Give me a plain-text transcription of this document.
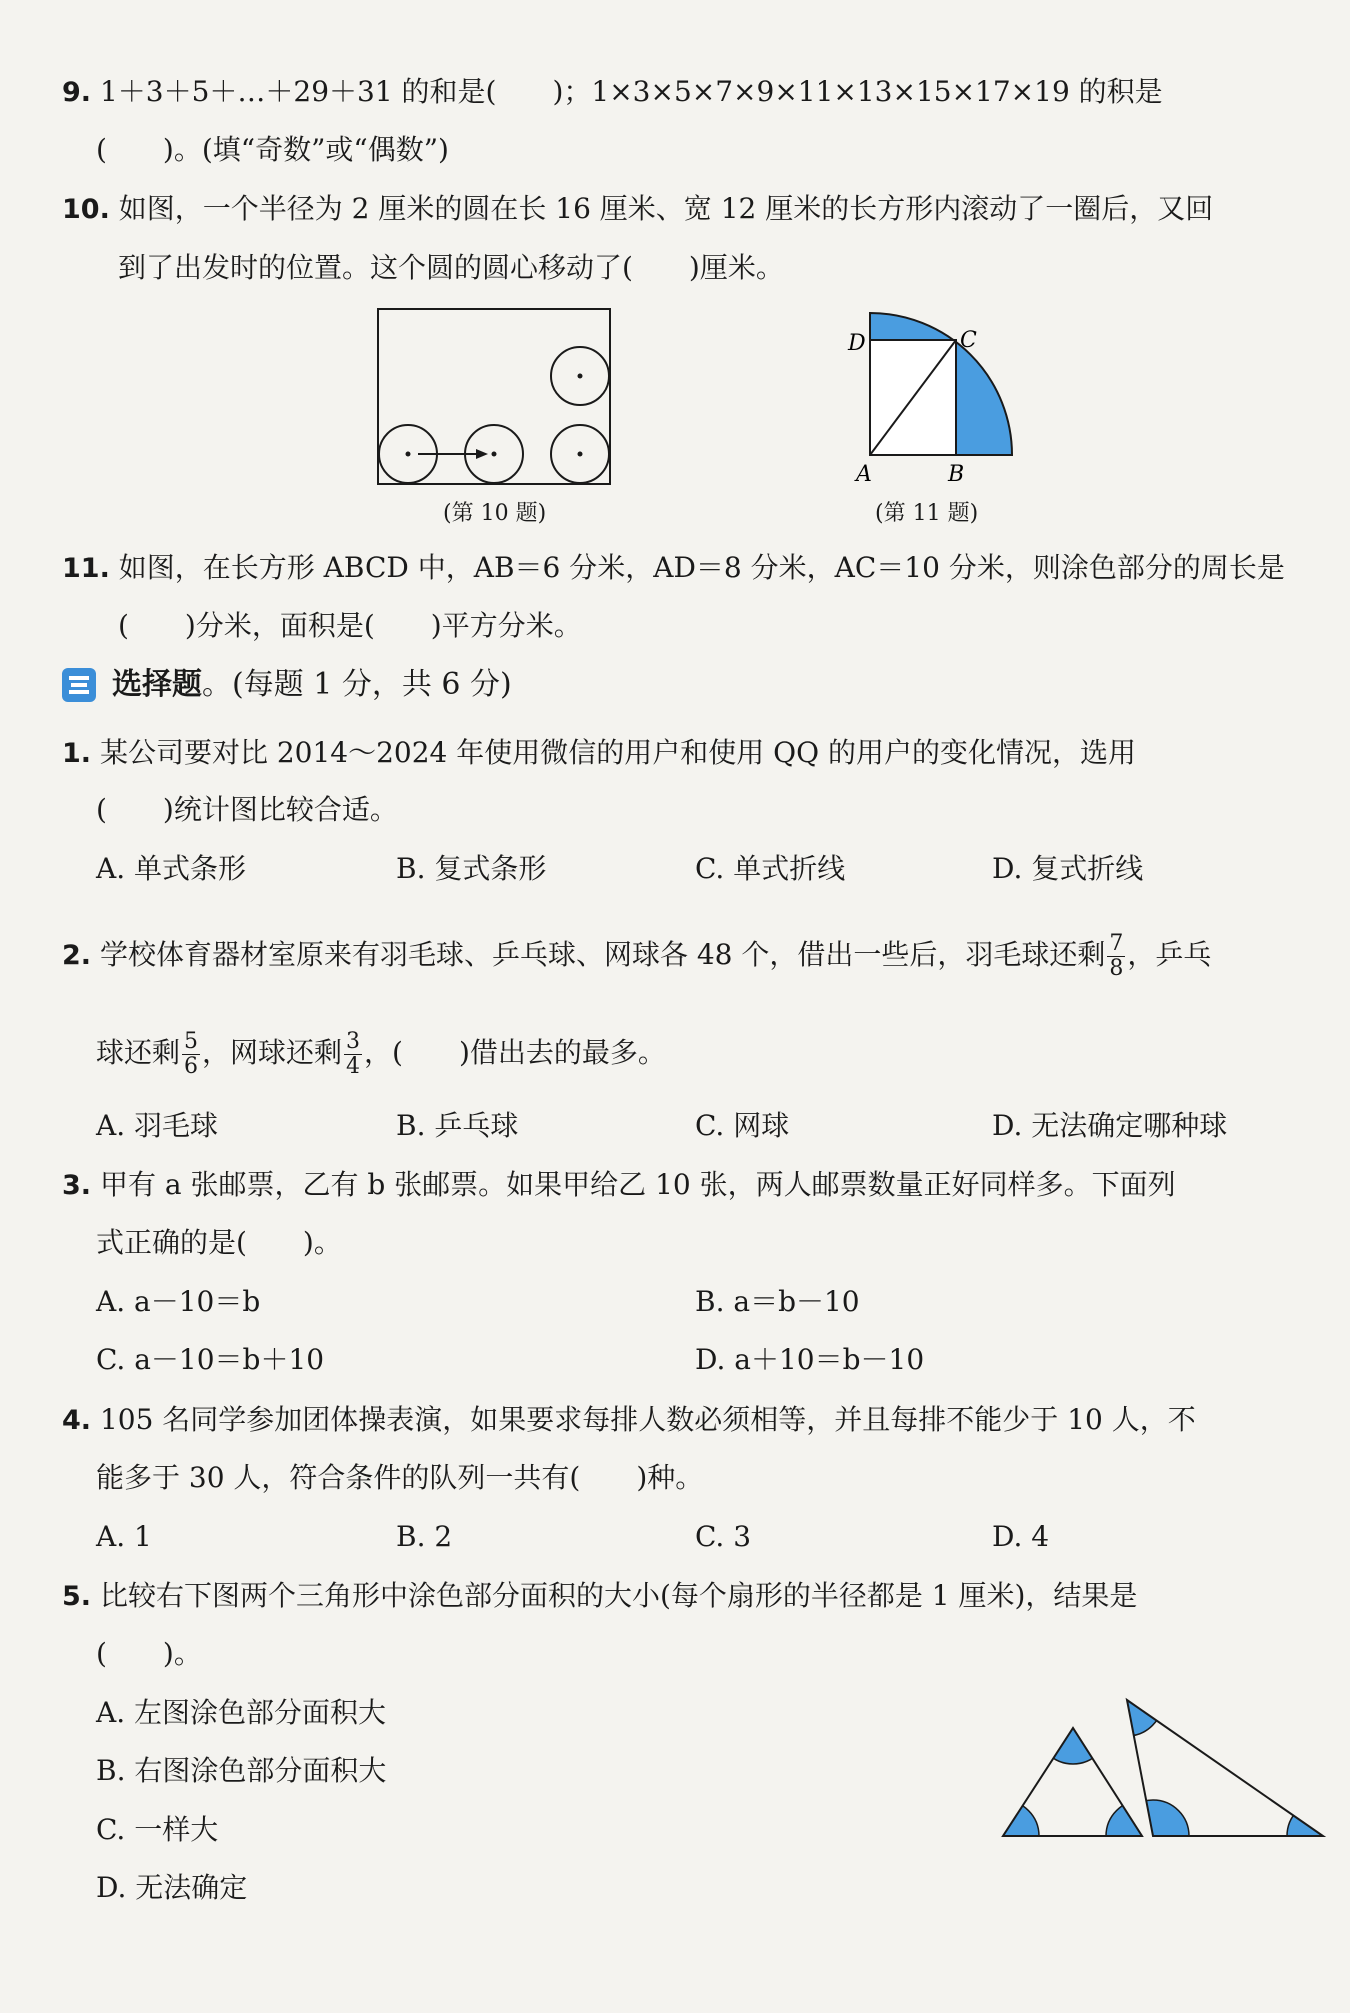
9. 1＋3＋5＋…＋29＋31 的和是(　　)；1×3×5×7×9×11×13×15×17×19 的积是
(　　)。(填“奇数”或“偶数”)
10. 如图，一个半径为 2 厘米的圆在长 16 厘米、宽 12 厘米的长方形内滚动了一圈后，又回
到了出发时的位置。这个圆的圆心移动了(　　)厘米。
(第 10 题)
D	C
A	B
(第 11 题)
11. 如图，在长方形 ABCD 中，AB＝6 分米，AD＝8 分米，AC＝10 分米，则涂色部分的周长是
(　　)分米，面积是(　　)平方分米。
选择题。(每题 1 分，共 6 分)
1. 某公司要对比 2014～2024 年使用微信的用户和使用 QQ 的用户的变化情况，选用
(　　)统计图比较合适。
A. 单式条形	B. 复式条形	C. 单式折线	D. 复式折线
2. 学校体育器材室原来有羽毛球、乒乓球、网球各 48 个，借出一些后，羽毛球还剩 $\frac{7}{8}$ ，乒乓
球还剩 $\frac{5}{6}$ ，网球还剩 $\frac{3}{4}$ ，(　　)借出去的最多。
A. 羽毛球	B. 乒乓球	C. 网球	D. 无法确定哪种球
3. 甲有 a 张邮票，乙有 b 张邮票。如果甲给乙 10 张，两人邮票数量正好同样多。下面列
式正确的是(　　)。
A. a－10＝b	B. a＝b－10
C. a－10＝b＋10	D. a＋10＝b－10
4. 105 名同学参加团体操表演，如果要求每排人数必须相等，并且每排不能少于 10 人，不
能多于 30 人，符合条件的队列一共有(　　)种。
A. 1	B. 2	C. 3	D. 4
5. 比较右下图两个三角形中涂色部分面积的大小(每个扇形的半径都是 1 厘米)，结果是
(　　)。
A. 左图涂色部分面积大
B. 右图涂色部分面积大
C. 一样大
D. 无法确定
